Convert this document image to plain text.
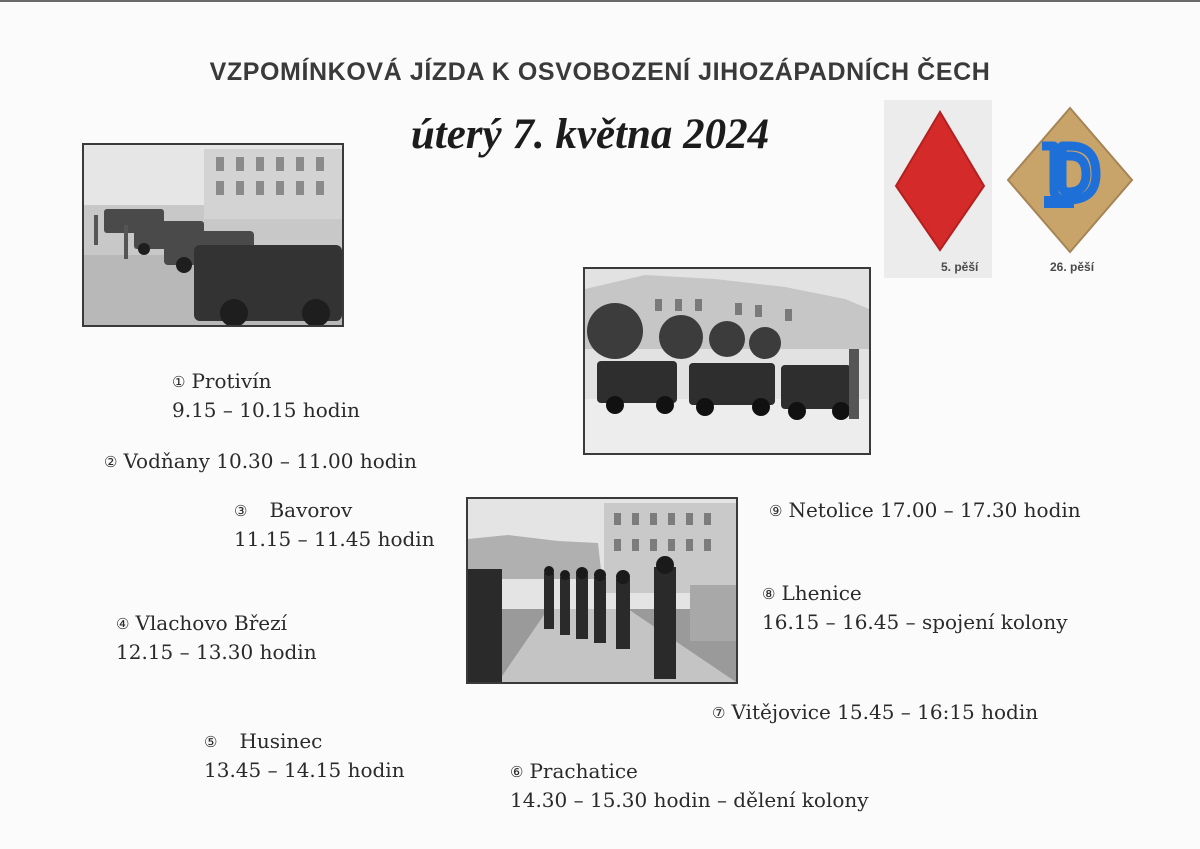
VZPOMÍNKOVÁ JÍZDA K OSVOBOZENÍ JIHOZÁPADNÍCH ČECH
úterý 7. května 2024
5. pěší	26. pěší
① Protivín
9.15 – 10.15 hodin
② Vodňany 10.30 – 11.00 hodin
③ Bavorov
11.15 – 11.45 hodin
④ Vlachovo Březí
12.15 – 13.30 hodin
⑤ Husinec
13.45 – 14.15 hodin	⑥ Prachatice
14.30 – 15.30 hodin – dělení kolony
⑦ Vitějovice 15.45 – 16:15 hodin
⑧ Lhenice
16.15 – 16.45 – spojení kolony
⑨ Netolice 17.00 – 17.30 hodin
